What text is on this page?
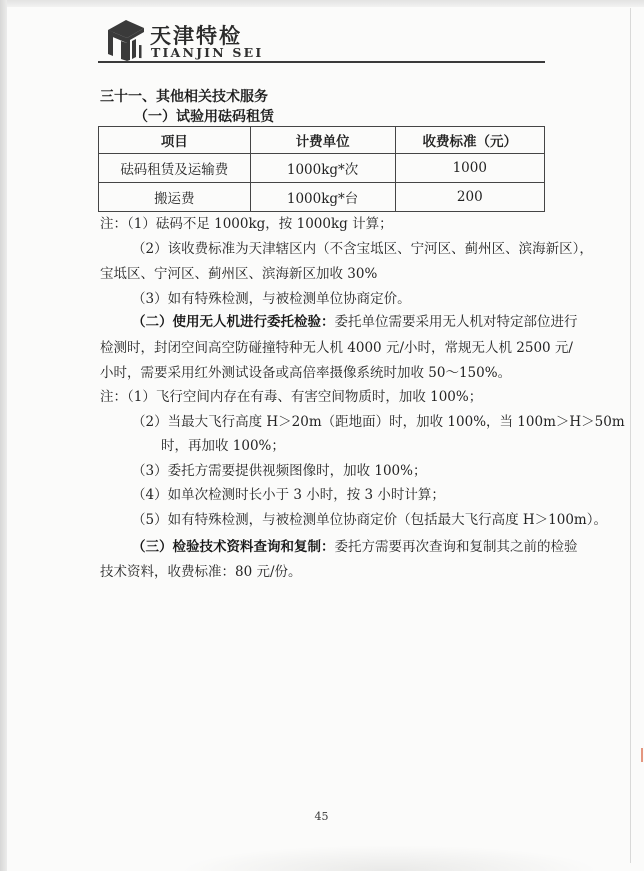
天津特检
TIANJIN SEI
三十一、其他相关技术服务
（一）试验用砝码租赁
项目	计费单位	收费标准（元）
砝码租赁及运输费	1000kg*次	1000
搬运费	1000kg*台	200
注：（1）砝码不足 1000kg，按 1000kg 计算；
（2）该收费标准为天津辖区内（不含宝坻区、宁河区、蓟州区、滨海新区），
宝坻区、宁河区、蓟州区、滨海新区加收 30%
（3）如有特殊检测，与被检测单位协商定价。
（二）使用无人机进行委托检验：委托单位需要采用无人机对特定部位进行
检测时，封闭空间高空防碰撞特种无人机 4000 元/小时，常规无人机 2500 元/
小时，需要采用红外测试设备或高倍率摄像系统时加收 50～150%。
注：（1）飞行空间内存在有毒、有害空间物质时，加收 100%；
（2）当最大飞行高度 H＞20m（距地面）时，加收 100%，当 100m＞H＞50m
时，再加收 100%；
（3）委托方需要提供视频图像时，加收 100%；
（4）如单次检测时长小于 3 小时，按 3 小时计算；
（5）如有特殊检测，与被检测单位协商定价（包括最大飞行高度 H＞100m）。
（三）检验技术资料查询和复制：委托方需要再次查询和复制其之前的检验
技术资料，收费标准：80 元/份。
45
